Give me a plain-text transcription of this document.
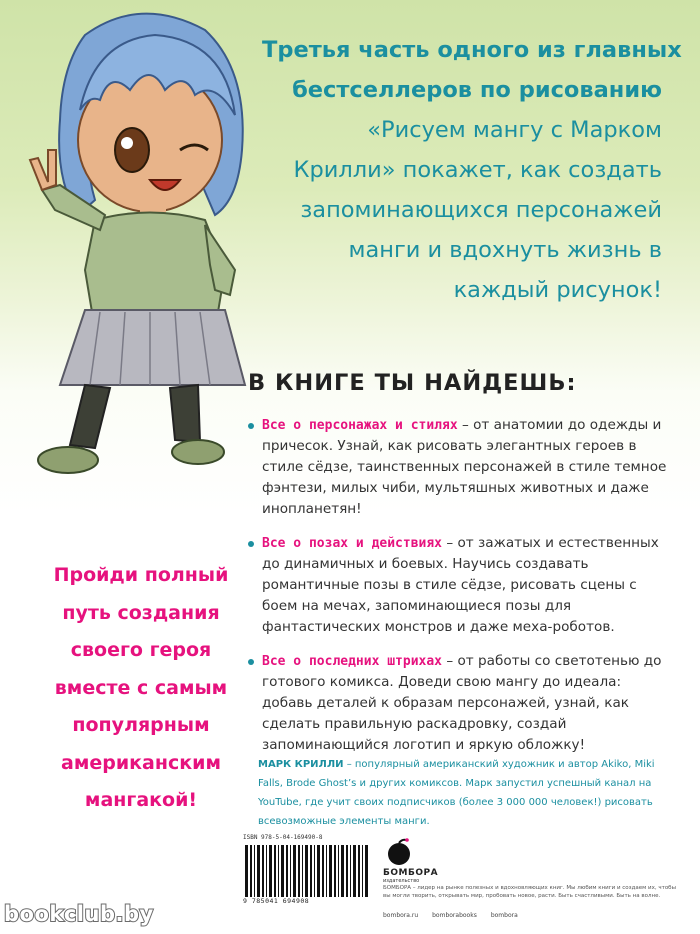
Третья часть одного из главных
бестселлеров по рисованию
«Рисуем мангу с Марком
Крилли» покажет, как создать
запоминающихся персонажей
манги и вдохнуть жизнь в
каждый рисунок!
В КНИГЕ ТЫ НАЙДЕШЬ:
Все о персонажах и стилях – от анатомии до одежды и причесок. Узнай, как рисовать элегантных героев в стиле сёдзе, таинственных персонажей в стиле темное фэнтези, милых чиби, мультяшных животных и даже инопланетян!
Все о позах и действиях – от зажатых и естественных до динамичных и боевых. Научись создавать романтичные позы в стиле сёдзе, рисовать сцены с боем на мечах, запоминающиеся позы для фантастических монстров и даже меха-роботов.
Все о последних штрихах – от работы со светотенью до готового комикса. Доведи свою мангу до идеала: добавь деталей к образам персонажей, узнай, как сделать правильную раскадровку, создай запоминающийся логотип и яркую обложку!
Пройди полный
путь создания
своего героя
вместе с самым
популярным
американским
мангакой!
МАРК КРИЛЛИ – популярный американский художник и автор Akiko, Miki Falls, Brode Ghost’s и других комиксов. Марк запустил успешный канал на YouTube, где учит своих подписчиков (более 3 000 000 человек!) рисовать всевозможные элементы манги.
ISBN 978-5-04-169490-8
9 785041 694908
БОМБОРА
издательство
БОМБОРА – лидер на рынке полезных и вдохновляющих книг. Мы любим книги и создаем их, чтобы вы могли творить, открывать мир, пробовать новое, расти. Быть счастливыми. Быть на волне.
bombora.ru bomborabooks bombora
bookclub.by
